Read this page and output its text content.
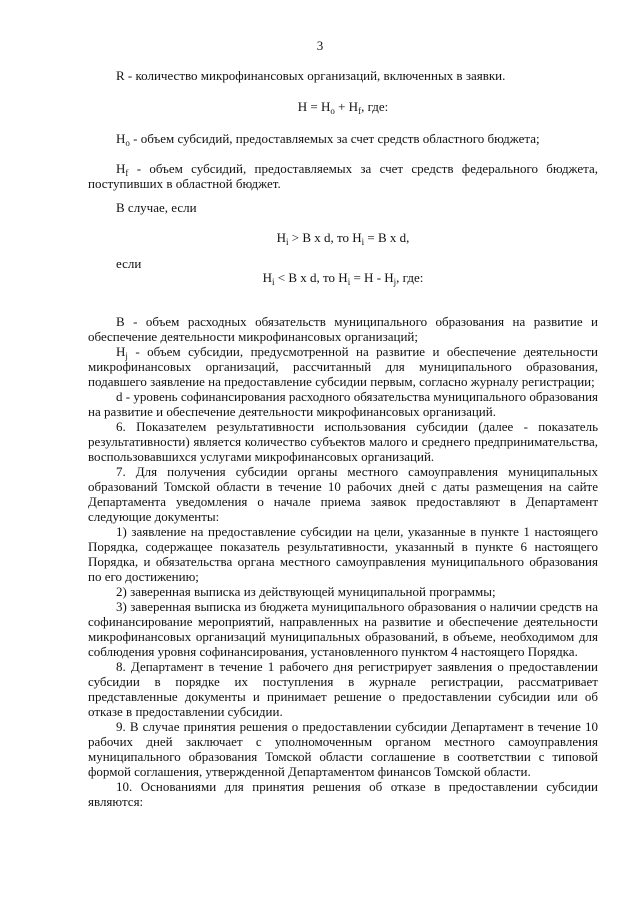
3

R - количество микрофинансовых организаций, включенных в заявки.

$H = H_o + H_f$, где:

$H_o$ - объем субсидий, предоставляемых за счет средств областного бюджета;

$H_f$ - объем субсидий, предоставляемых за счет средств федерального бюджета, поступивших в областной бюджет.

В случае, если

$H_i > B$ x d, то $H_i = B$ x d,

если

$H_i < B$ x d, то $H_i = H - H_j$, где:

B - объем расходных обязательств муниципального образования на развитие и обеспечение деятельности микрофинансовых организаций;

$H_j$ - объем субсидии, предусмотренной на развитие и обеспечение деятельности микрофинансовых организаций, рассчитанный для муниципального образования, подавшего заявление на предоставление субсидии первым, согласно журналу регистрации;

d - уровень софинансирования расходного обязательства муниципального образования на развитие и обеспечение деятельности микрофинансовых организаций.

6. Показателем результативности использования субсидии (далее - показатель результативности) является количество субъектов малого и среднего предпринимательства, воспользовавшихся услугами микрофинансовых организаций.

7. Для получения субсидии органы местного самоуправления муниципальных образований Томской области в течение 10 рабочих дней с даты размещения на сайте Департамента уведомления о начале приема заявок предоставляют в Департамент следующие документы:

1) заявление на предоставление субсидии на цели, указанные в пункте 1 настоящего Порядка, содержащее показатель результативности, указанный в пункте 6 настоящего Порядка, и обязательства органа местного самоуправления муниципального образования по его достижению;

2) заверенная выписка из действующей муниципальной программы;

3) заверенная выписка из бюджета муниципального образования о наличии средств на софинансирование мероприятий, направленных на развитие и обеспечение деятельности микрофинансовых организаций муниципальных образований, в объеме, необходимом для соблюдения уровня софинансирования, установленного пунктом 4 настоящего Порядка.

8. Департамент в течение 1 рабочего дня регистрирует заявления о предоставлении субсидии в порядке их поступления в журнале регистрации, рассматривает представленные документы и принимает решение о предоставлении субсидии или об отказе в предоставлении субсидии.

9. В случае принятия решения о предоставлении субсидии Департамент в течение 10 рабочих дней заключает с уполномоченным органом местного самоуправления муниципального образования Томской области соглашение в соответствии с типовой формой соглашения, утвержденной Департаментом финансов Томской области.

10. Основаниями для принятия решения об отказе в предоставлении субсидии являются:
